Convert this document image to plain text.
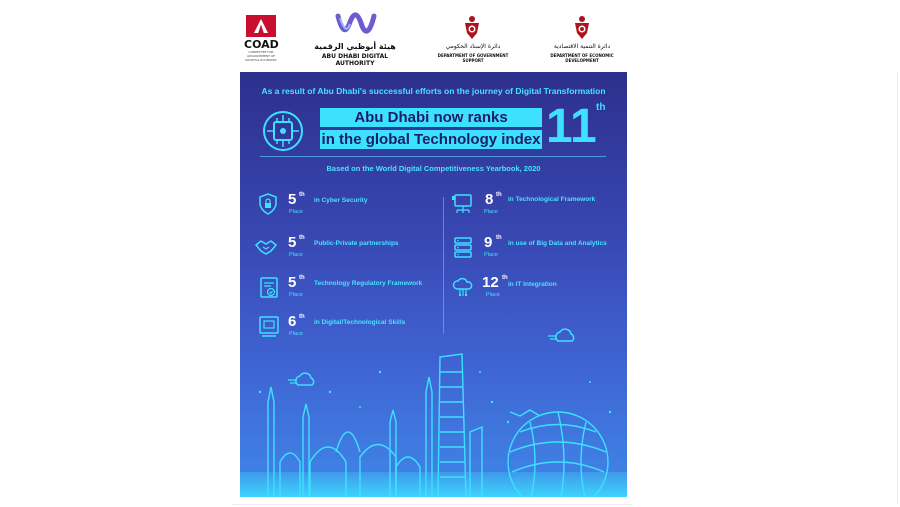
COAD
COMMITTEE FOR ADVANCEMENT OF SOCIETAL ECONOMIC
هيئة أبوظبي الرقمية
ABU DHABI DIGITAL AUTHORITY
دائرة الإسناد الحكومي
DEPARTMENT OF GOVERNMENT SUPPORT
دائرة التنمية الاقتصادية
DEPARTMENT OF ECONOMIC DEVELOPMENT
As a result of Abu Dhabi's successful efforts on the journey of Digital Transformation
Abu Dhabi now ranks
in the global Technology index 11 th
Based on the World Digital Competitiveness Yearbook, 2020
5 th
Place
in Cyber Security
5 th
Place
Public-Private partnerships
5 th
Place
Technology Regulatory Framework
6 th
Place
in Digital/Technological Skills
8 th
Place
in Technological Framework
9 th
Place
in use of Big Data and Analytics
12 th
Place
in IT Integration
